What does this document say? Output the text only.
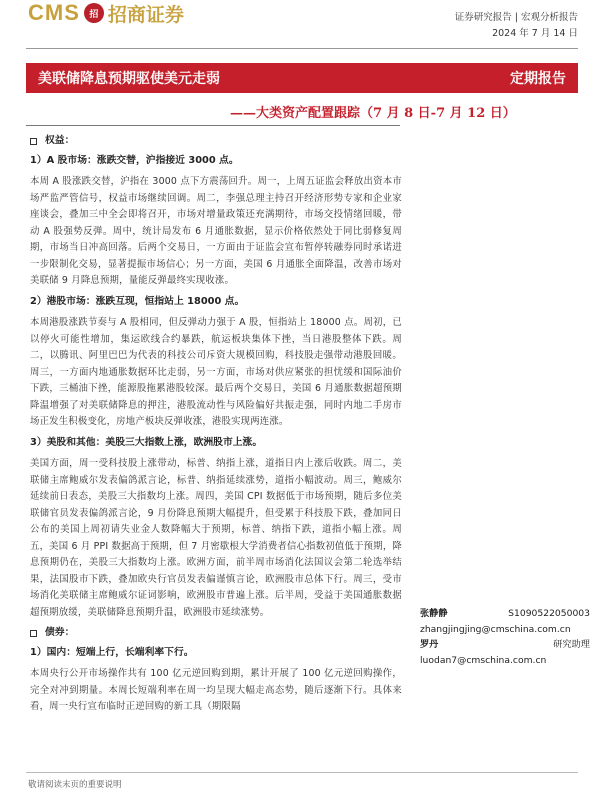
CMS	招 招商证券	证券研究报告 | 宏观分析报告
2024 年 7 月 14 日
美联储降息预期驱使美元走弱	定期报告
——大类资产配置跟踪（7 月 8 日-7 月 12 日）
权益：
1）A 股市场：涨跌交替，沪指接近 3000 点。

本周 A 股涨跌交替，沪指在 3000 点下方震荡回升。周一，上周五证监会释放出资本市场严监严管信号，权益市场继续回调。周二，李强总理主持召开经济形势专家和企业家座谈会，叠加三中全会即将召开，市场对增量政策还充满期待，市场交投情绪回暖，带动 A 股强势反弹。周中，统计局发布 6 月通胀数据，显示价格依然处于同比弱修复周期，市场当日冲高回落。后两个交易日，一方面由于证监会宣布暂停转融券同时承诺进一步限制化交易，显著提振市场信心；另一方面，美国 6 月通胀全面降温，改善市场对美联储 9 月降息预期，量能反弹最终实现收涨。

2）港股市场：涨跌互现，恒指站上 18000 点。

本周港股涨跌节奏与 A 股相同，但反弹动力强于 A 股，恒指站上 18000 点。周初，已以停火可能性增加，集运欧线合约暴跌，航运板块集体下挫，当日港股整体下跌。周二，以腾讯、阿里巴巴为代表的科技公司斥资大规模回购，科技股走强带动港股回暖。周三，一方面内地通胀数据环比走弱，另一方面，市场对供应紧张的担忧缓和国际油价下跌，三桶油下挫，能源股拖累港股较深。最后两个交易日，美国 6 月通胀数据超预期降温增强了对美联储降息的押注，港股流动性与风险偏好共振走强，同时内地二手房市场正发生积极变化，房地产板块反弹收涨，港股实现两连涨。

3）美股和其他：美股三大指数上涨，欧洲股市上涨。

美国方面，周一受科技股上涨带动，标普、纳指上涨，道指日内上涨后收跌。周二，美联储主席鲍威尔发表偏鸽派言论，标普、纳指延续涨势，道指小幅波动。周三，鲍威尔延续前日表态，美股三大指数均上涨。周四，美国 CPI 数据低于市场预期，随后多位美联储官员发表偏鸽派言论，9 月份降息预期大幅提升，但受累于科技股下跌，叠加同日公布的美国上周初请失业金人数降幅大于预期，标普、纳指下跌，道指小幅上涨。周五，美国 6 月 PPI 数据高于预期，但 7 月密歇根大学消费者信心指数初值低于预期，降息预期仍在，美股三大指数均上涨。欧洲方面，前半周市场消化法国议会第二轮选举结果，法国股市下跌，叠加欧央行官员发表偏谨慎言论，欧洲股市总体下行。周三，受市场消化美联储主席鲍威尔证词影响，欧洲股市普遍上涨。后半周，受益于美国通胀数据超预期放缓，美联储降息预期升温，欧洲股市延续涨势。

债券：
1）国内：短端上行，长端利率下行。

本周央行公开市场操作共有 100 亿元逆回购到期，累计开展了 100 亿元逆回购操作，完全对冲到期量。本周长短端利率在周一均呈现大幅走高态势，随后逐渐下行。具体来看，周一央行宣布临时正逆回购的新工具（期限隔

张静静	S1090522050003
zhangjingjing@cmschina.com.cn
罗丹	研究助理
luodan7@cmschina.com.cn
敬请阅读末页的重要说明
